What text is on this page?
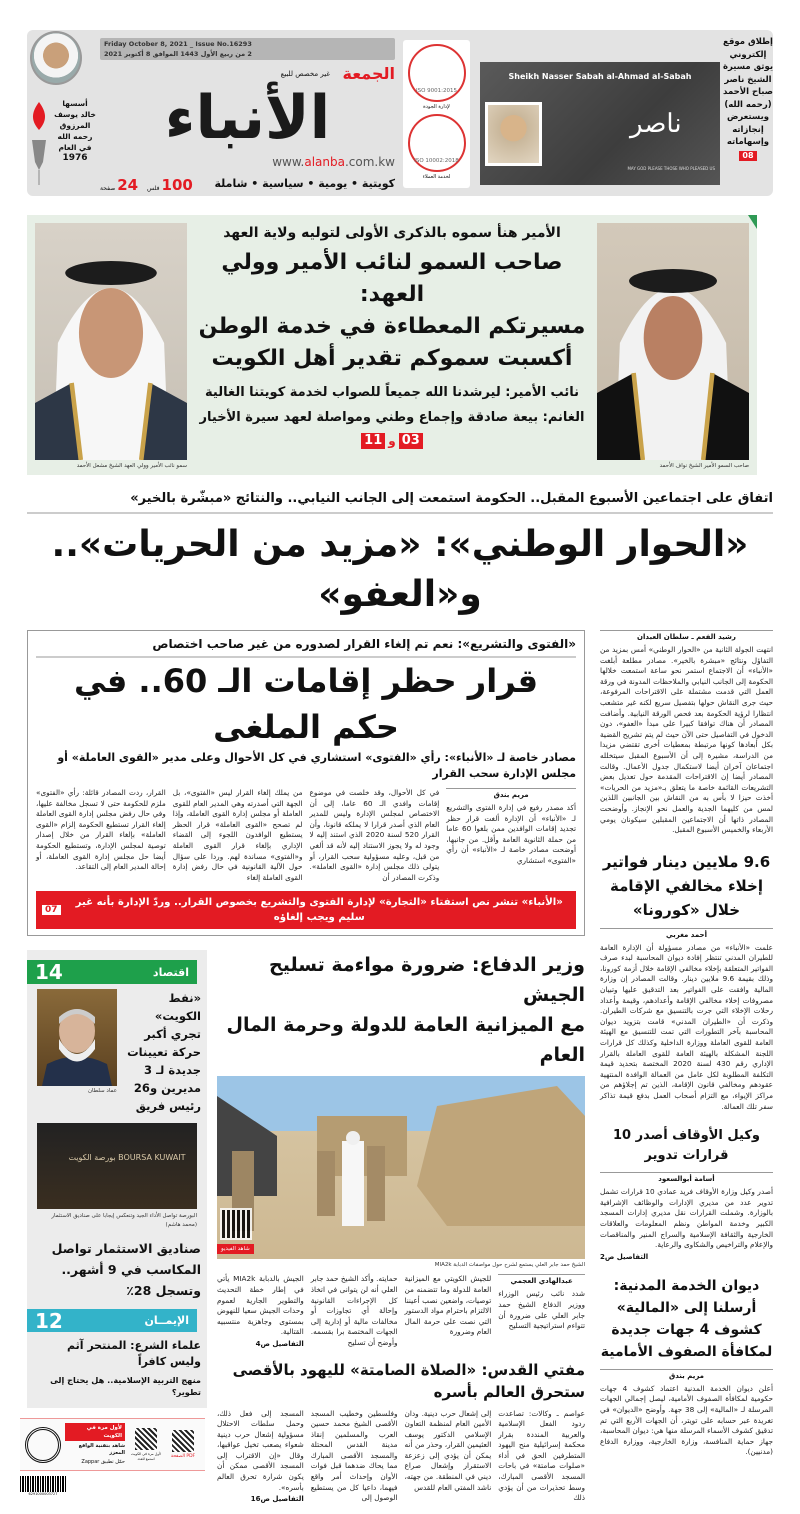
أسسها
خالد يوسف
المرزوق
رحمه الله
في العام
1976
Friday October 8, 2021 _ Issue No.16293
2 من ربيع الأول 1443 الموافق 8 أكتوبر 2021
الجمعة
غير مخصص للبيع
الأنباء
www.alanba.com.kw
كويتية • يومية • سياسية • شاملة
فلس 100
صفحة 24
ISO 9001:2015
لإدارة الجودة
ISO 10002:2018
لخدمة العملاء
Sheikh Nasser Sabah al-Ahmad al-Sabah
ناصر
MAY GOD PLEASE THOSE WHO PLEASED US
إطلاق موقع إلكتروني يوثق مسيرة الشيخ ناصر صباح الأحمد (رحمه الله) ويستعرض إنجازاته وإسهاماته
08
سمو نائب الأمير وولي العهد الشيخ مشعل الأحمد
الأمير هنأ سموه بالذكرى الأولى لتوليه ولاية العهد
صاحب السمو لنائب الأمير وولي العهد:
مسيرتكم المعطاءة في خدمة الوطن
أكسبت سموكم تقدير أهل الكويت
نائب الأمير: ليرشدنا الله جميعاً للصواب لخدمة كويتنا الغالية
الغانم: بيعة صادقة وإجماع وطني ومواصلة لعهد سيرة الأخيار
11 و 03
صاحب السمو الأمير الشيخ نواف الأحمد
اتفاق على اجتماعين الأسبوع المقبل.. الحكومة استمعت إلى الجانب النيابي.. والنتائج «مبشّرة بالخير»
«الحوار الوطني»: «مزيد من الحريات».. و«العفو»
«الفتوى والتشريع»: نعم تم إلغاء القرار لصدوره من غير صاحب اختصاص
قرار حظر إقامات الـ 60.. في حكم الملغى
مصادر خاصة لـ «الأنباء»: رأي «الفتوى» استشاري في كل الأحوال وعلى مدير «القوى العاملة» أو مجلس الإدارة سحب القرار
مريم بندق
أكد مصدر رفيع في إدارة الفتوى والتشريع لـ «الأنباء» أن الإدارة ألغت قرار حظر تجديد إقامات الوافدين ممن بلغوا 60 عاما من حملة الثانوية العامة وأقل. من جانبها، أوضحت مصادر خاصة لـ «الأنباء» أن رأي «الفتوى» استشاري
في كل الأحوال، وقد خلصت في موضوع إقامات وافدي الـ 60 عاما، إلى أن الاختصاص لمجلس الإدارة وليس للمدير العام الذي أصدر قرارا لا يملكه قانونا، وأن القرار 520 لسنة 2020 الذي استند إليه لا وجود له ولا يجوز الاستناد إليه لأنه قد ألغي من قبل، وعليه مسؤولية سحب القرار، أو يتولى ذلك مجلس إدارة «القوى العاملة». وذكرت المصادر أن
من يملك إلغاء القرار ليس «الفتوى»، بل الجهة التي أصدرته وهي المدير العام للقوى العاملة أو مجلس إدارة القوى العاملة، وإذا لم تصحح «القوى العاملة» قرار الحظر يستطيع الوافدون اللجوء إلى القضاء الإداري بإلغاء قرار القوى العاملة و«الفتوى» مساندة لهم. وردا على سؤال حول الآلية القانونية في حال رفض إدارة القوى العاملة إلغاء
القرار، ردت المصادر قائلة: رأي «الفتوى» ملزم للحكومة حتى لا تسجل مخالفة عليها، وفي حال رفض مجلس إدارة القوى العاملة إلغاء القرار تستطيع الحكومة إلزام «القوى العاملة» بإلغاء القرار من خلال إصدار توصية لمجلس الإدارة، وتستطيع الحكومة أيضا حل مجلس إدارة القوى العاملة، أو إحالة المدير العام إلى التقاعد.
«الأنباء» تنشر نص استفتاء «التجارة» لإدارة الفتوى والتشريع بخصوص القرار.. وردّ الإدارة بأنه غير سليم ويجب إلغاؤه
07
14	اقتصاد
عماد سلطان
«نفط الكويت» تجري أكبر حركة تعيينات جديدة لـ 3 مديرين و26 رئيس فريق
بورصة الكويت BOURSA KUWAIT
البورصة تواصل الأداء الجيد وتنعكس إيجابا على صناديق الاستثمار (محمد هاشم)
صناديق الاستثمار تواصل المكاسب في 9 أشهر.. وتسجل 28٪
12	الإيمــان
علماء الشرع: المنتحر آثم وليس كافراً
منهج التربية الإسلامية.. هل يحتاج إلى تطوير؟
لأول مرة في الكويت
شاهد بتقنية الواقع المعزز
حمّل تطبيق Zappar
لأول مرة في الكويت استمع للعدد	الصفحة PDF
6291000003727
وزير الدفاع: ضرورة مواءمة تسليح الجيش
مع الميزانية العامة للدولة وحرمة المال العام
شاهد الفيديو
الشيخ حمد جابر العلي يستمع لشرح حول مواصفات الدبابة MIA2k
عبدالهادي العجمي
شدد نائب رئيس الوزراء ووزير الدفاع الشيخ حمد جابر العلي على ضرورة أن تتواءم استراتيجية التسليح
للجيش الكويتي مع الميزانية العامة للدولة وما تتضمنه من توصيات، واضعين نصب أعيننا الالتزام باحترام مواد الدستور التي نصت على حرمة المال العام وضرورة
حمايته. وأكد الشيخ حمد جابر العلي أنه لن يتوانى في اتخاذ كل الإجراءات القانونية وإحالة أي تجاوزات أو مخالفات مالية أو إدارية إلى الجهات المختصة برا بقسمه. وأوضح أن تسليح
الجيش بالدبابة MIA2k يأتي في إطار خطة التحديث والتطوير الجارية لعموم وحدات الجيش سعيا للنهوض بمستوى وجاهزية منتسبيه القتالية.
التفاصيل ص4
مفتي القدس: «الصلاة الصامتة» لليهود بالأقصى ستحرق العالم بأسره
عواصم ـ وكالات: تصاعدت ردود الفعل الإسلامية والعربية المنددة بقرار محكمة إسرائيلية منح اليهود المتطرفين الحق في أداء «صلوات صامتة» في باحات المسجد الأقصى المبارك، وسط تحذيرات من أن يؤدي ذلك
إلى إشعال حرب دينية. ودان الأمين العام لمنظمة التعاون الإسلامي الدكتور يوسف العثيمين القرار، وحذر من أنه يمكن أن يؤدي إلى زعزعة الاستقرار وإشعال صراع ديني في المنطقة. من جهته، ناشد المفتي العام للقدس
وفلسطين وخطيب المسجد الأقصى الشيخ محمد حسين العرب والمسلمين إنقاذ مدينة القدس المحتلة والمسجد الأقصى المبارك مما يحاك ضدهما قبل فوات الأوان وإحداث أمر واقع فيهما، داعيا كل من يستطيع الوصول إلى
المسجد إلى فعل ذلك، وحمل سلطات الاحتلال مسؤولية إشعال حرب دينية شعواء يصعب تخيل عواقبها، وقال «إن الاقتراب إلى المسجد الأقصى ممكن أن يكون شرارة تحرق العالم بأسره».
التفاصيل ص16
رشيد الفعم ـ سلطان العبدان
انتهت الجولة الثانية من «الحوار الوطني» أمس بمزيد من التفاؤل ونتائج «مبشرة بالخير». مصادر مطلعة أبلغت «الأنباء» أن الاجتماع استمر نحو ساعة استمعت خلالها الحكومة إلى الجانب النيابي والملاحظات المدونة في ورقة العمل التي قدمت مشتملة على الاقتراحات المرفوعة، حيث جرى النقاش حولها بتفصيل سريع لكنه غير متشعب انتظارا لرؤية الحكومة بعد فحص الورقة النيابية. وأضافت المصادر أن هناك توافقا كبيرا على مبدأ «العفو»، دون الدخول في التفاصيل حتى الآن حيث لم يتم تشريح القضية بكل أبعادها كونها مرتبطة بمعطيات أخرى تقتضي مزيدا من الدراسة، مشيرة إلى أن الأسبوع المقبل سيتخلله اجتماعان آخران أيضا لاستكمال جدول الأعمال. وقالت المصادر أيضا إن الاقتراحات المقدمة حول تعديل بعض التشريعات القائمة خاصة ما يتعلق بـ«مزيد من الحريات» أخذت حيزا لا بأس به من النقاش بين الجانبين اللذين لمس من كليهما الجدية والعمل نحو الإنجاز. وأوضحت المصادر ذاتها أن الاجتماعين المقبلين سيكونان يومي الأربعاء والخميس الأسبوع المقبل.
9.6 ملايين دينار فواتير إخلاء مخالفي الإقامة خلال «كورونا»
أحمد مغربي
علمت «الأنباء» من مصادر مسؤولة أن الإدارة العامة للطيران المدني تنتظر إفادة ديوان المحاسبة لبدء صرف الفواتير المتعلقة بإخلاء مخالفي الإقامة خلال أزمة كورونا، وذلك بقيمة 9.6 ملايين دينار. وقالت المصادر إن وزارة المالية وافقت على الفواتير بعد التدقيق عليها وتبيان مصروفات إخلاء مخالفي الإقامة وأعدادهم، وقيمة وأعداد رحلات الإخلاء التي جرت بالتنسيق مع شركات الطيران. وذكرت أن «الطيران المدني» قامت بتزويد ديوان المحاسبة بآخر التطورات التي تمت للتنسيق مع الهيئة العامة للقوى العاملة ووزارة الداخلية وكذلك كل قرارات اللجنة المشكلة بالهيئة العامة للقوى العاملة بالقرار الإداري رقم 430 لسنة 2020 المختصة بتحديد قيمة التكلفة المطلوبة لكل عامل من العمالة الوافدة المنتهية عقودهم ومخالفي قانون الإقامة، الذين تم إجلاؤهم من مراكز الإيواء، مع التزام أصحاب العمل بدفع قيمة تذاكر سفر تلك العمالة.
وكيل الأوقاف أصدر 10 قرارات تدوير
أسامة أبوالسعود
أصدر وكيل وزارة الأوقاف فريد عمادي 10 قرارات تشمل تدوير عدد من مديري الإدارات والوظائف الإشرافية بالوزارة. وشملت القرارات نقل مديري إدارات المسجد الكبير وخدمة المواطن ونظم المعلومات والعلاقات الخارجية والثقافة الإسلامية والسراج المنير والمناقصات والإعلام والتراخيص والشكاوى والرعاية.
التفاصيل ص2
ديوان الخدمة المدنية: أرسلنا إلى «المالية» كشوف 4 جهات جديدة لمكافأة الصفوف الأمامية
مريم بندق
أعلن ديوان الخدمة المدنية اعتماد كشوف 4 جهات حكومية لمكافأة الصفوف الأمامية، ليصل إجمالي الجهات المرسلة لـ «المالية» إلى 38 جهة. وأوضح «الديوان» في تغريدة عبر حسابه على تويتر، أن الجهات الأربع التي تم تدقيق كشوف الأسماء المرسلة منها هي: ديوان المحاسبة، جهاز حماية المنافسة، وزارة الخارجية، ووزارة الدفاع (مدنيين).
